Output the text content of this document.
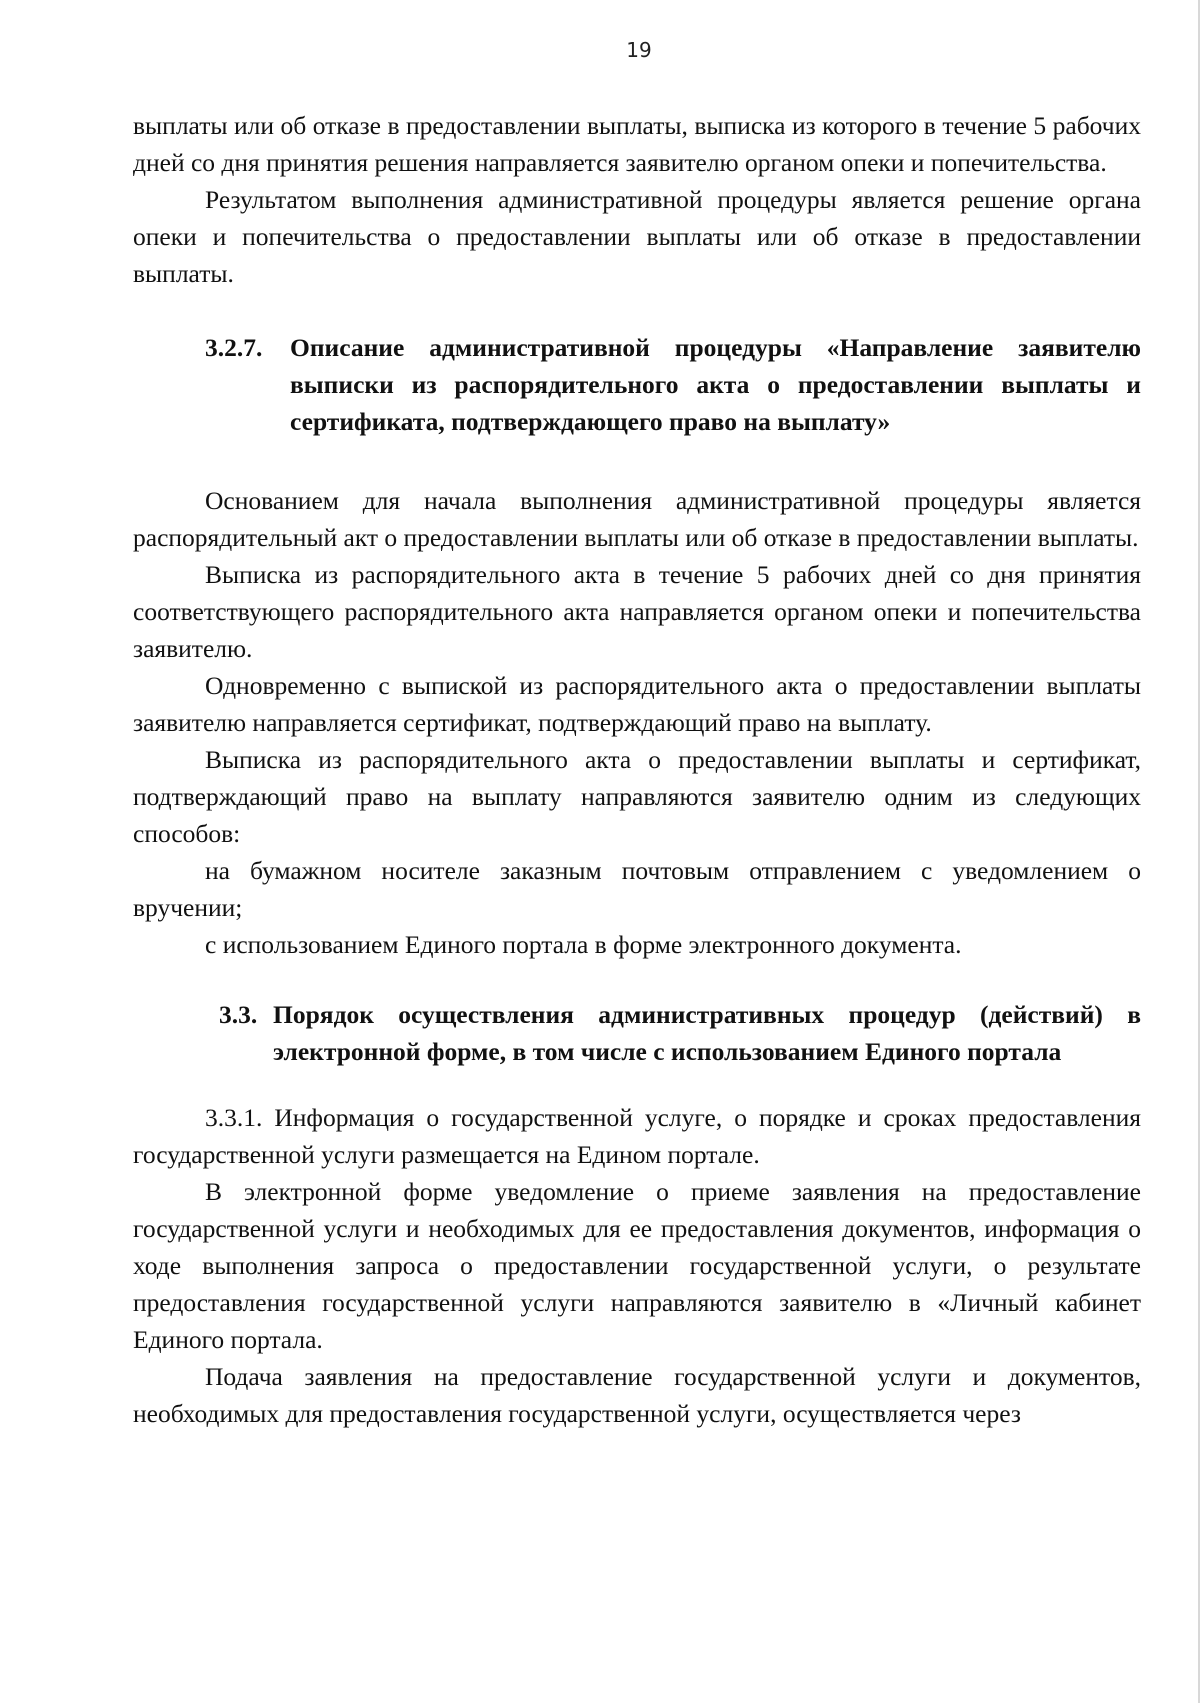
19

выплаты или об отказе в предоставлении выплаты, выписка из которого в течение 5 рабочих дней со дня принятия решения направляется заявителю органом опеки и попечительства.

Результатом выполнения административной процедуры является решение органа опеки и попечительства о предоставлении выплаты или об отказе в предоставлении выплаты.

3.2.7.	Описание административной процедуры «Направление заявителю выписки из распорядительного акта о предоставлении выплаты и сертификата, подтверждающего право на выплату»

Основанием для начала выполнения административной процедуры является распорядительный акт о предоставлении выплаты или об отказе в предоставлении выплаты.

Выписка из распорядительного акта в течение 5 рабочих дней со дня принятия соответствующего распорядительного акта направляется органом опеки и попечительства заявителю.

Одновременно с выпиской из распорядительного акта о предоставлении выплаты заявителю направляется сертификат, подтверждающий право на выплату.

Выписка из распорядительного акта о предоставлении выплаты и сертификат, подтверждающий право на выплату направляются заявителю одним из следующих способов:

на бумажном носителе заказным почтовым отправлением с уведомлением о вручении;

с использованием Единого портала в форме электронного документа.

3.3. Порядок осуществления административных процедур (действий) в электронной форме, в том числе с использованием Единого портала

3.3.1. Информация о государственной услуге, о порядке и сроках предоставления государственной услуги размещается на Едином портале.

В электронной форме уведомление о приеме заявления на предоставление государственной услуги и необходимых для ее предоставления документов, информация о ходе выполнения запроса о предоставлении государственной услуги, о результате предоставления государственной услуги направляются заявителю в «Личный кабинет Единого портала.

Подача заявления на предоставление государственной услуги и документов, необходимых для предоставления государственной услуги, осуществляется через
